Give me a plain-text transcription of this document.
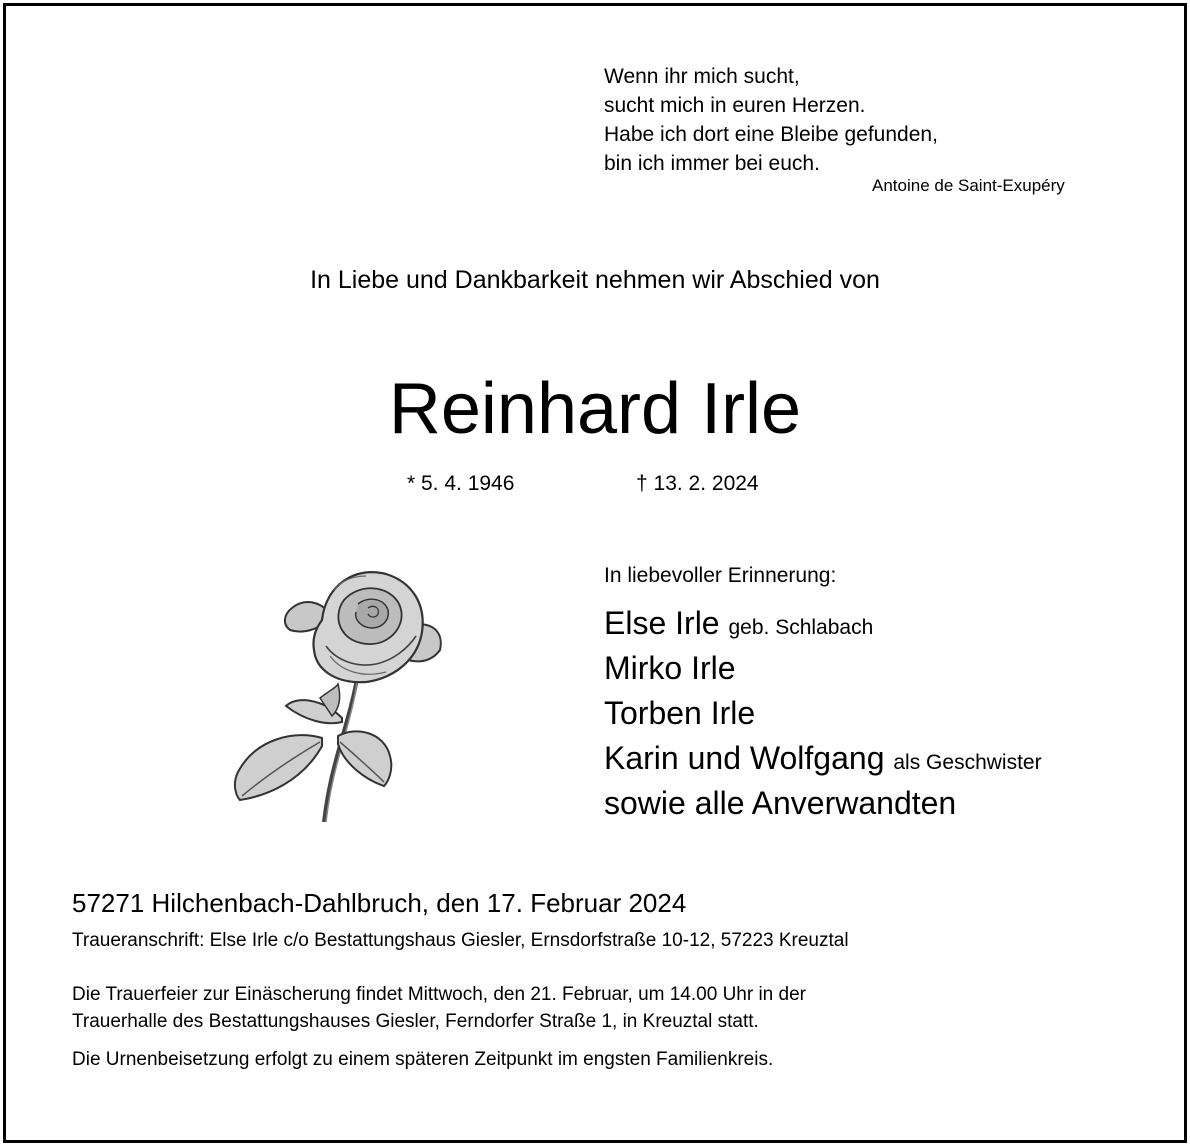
Wenn ihr mich sucht,
sucht mich in euren Herzen.
Habe ich dort eine Bleibe gefunden,
bin ich immer bei euch.
Antoine de Saint-Exupéry
In Liebe und Dankbarkeit nehmen wir Abschied von
Reinhard Irle
* 5. 4. 1946	† 13. 2. 2024
In liebevoller Erinnerung:
Else Irle geb. Schlabach
Mirko Irle
Torben Irle
Karin und Wolfgang als Geschwister
sowie alle Anverwandten
57271 Hilchenbach-Dahlbruch, den 17. Februar 2024
Traueranschrift: Else Irle c/o Bestattungshaus Giesler, Ernsdorfstraße 10-12, 57223 Kreuztal
Die Trauerfeier zur Einäscherung findet Mittwoch, den 21. Februar, um 14.00 Uhr in der
Trauerhalle des Bestattungshauses Giesler, Ferndorfer Straße 1, in Kreuztal statt.
Die Urnenbeisetzung erfolgt zu einem späteren Zeitpunkt im engsten Familienkreis.
